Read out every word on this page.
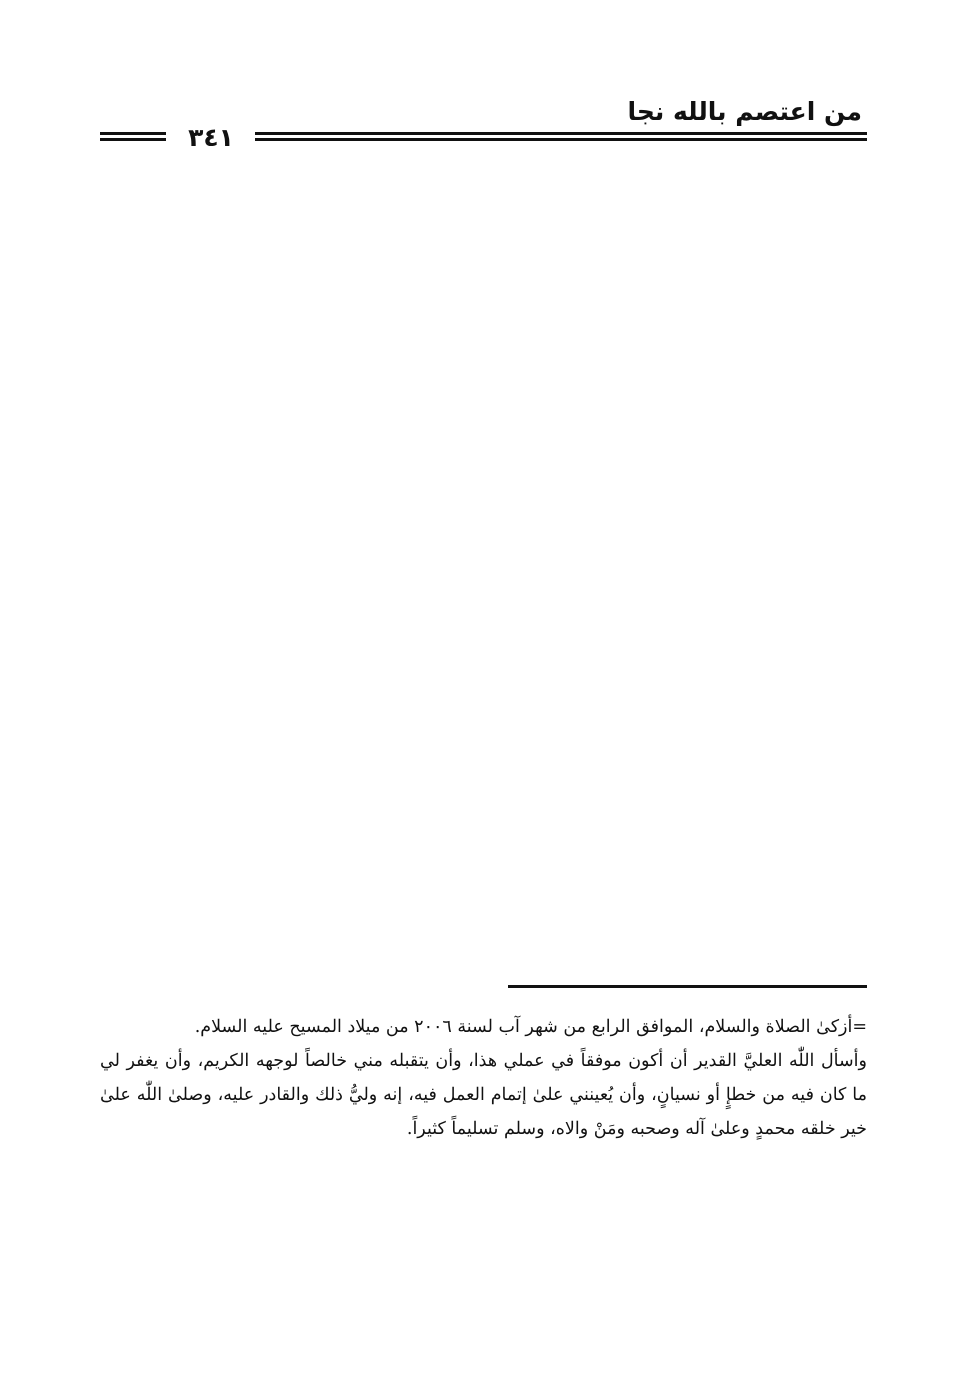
من اعتصم بالله نجا
٣٤١

=أزكىٰ الصلاة والسلام، الموافق الرابع من شهر آب لسنة ٢٠٠٦ من ميلاد المسيح عليه السلام.

وأسأل اللّٰه العليَّ القدير أن أكون موفقاً في عملي هذا، وأن يتقبله مني خالصاً لوجهه الكريم، وأن يغفر لي ما كان فيه من خطإٍ أو نسيانٍ، وأن يُعينني علىٰ إتمام العمل فيه، إنه وليُّ ذلك والقادر عليه، وصلىٰ اللّٰه علىٰ خير خلقه محمدٍ وعلىٰ آله وصحبه ومَنْ والاه، وسلم تسليماً كثيراً.
